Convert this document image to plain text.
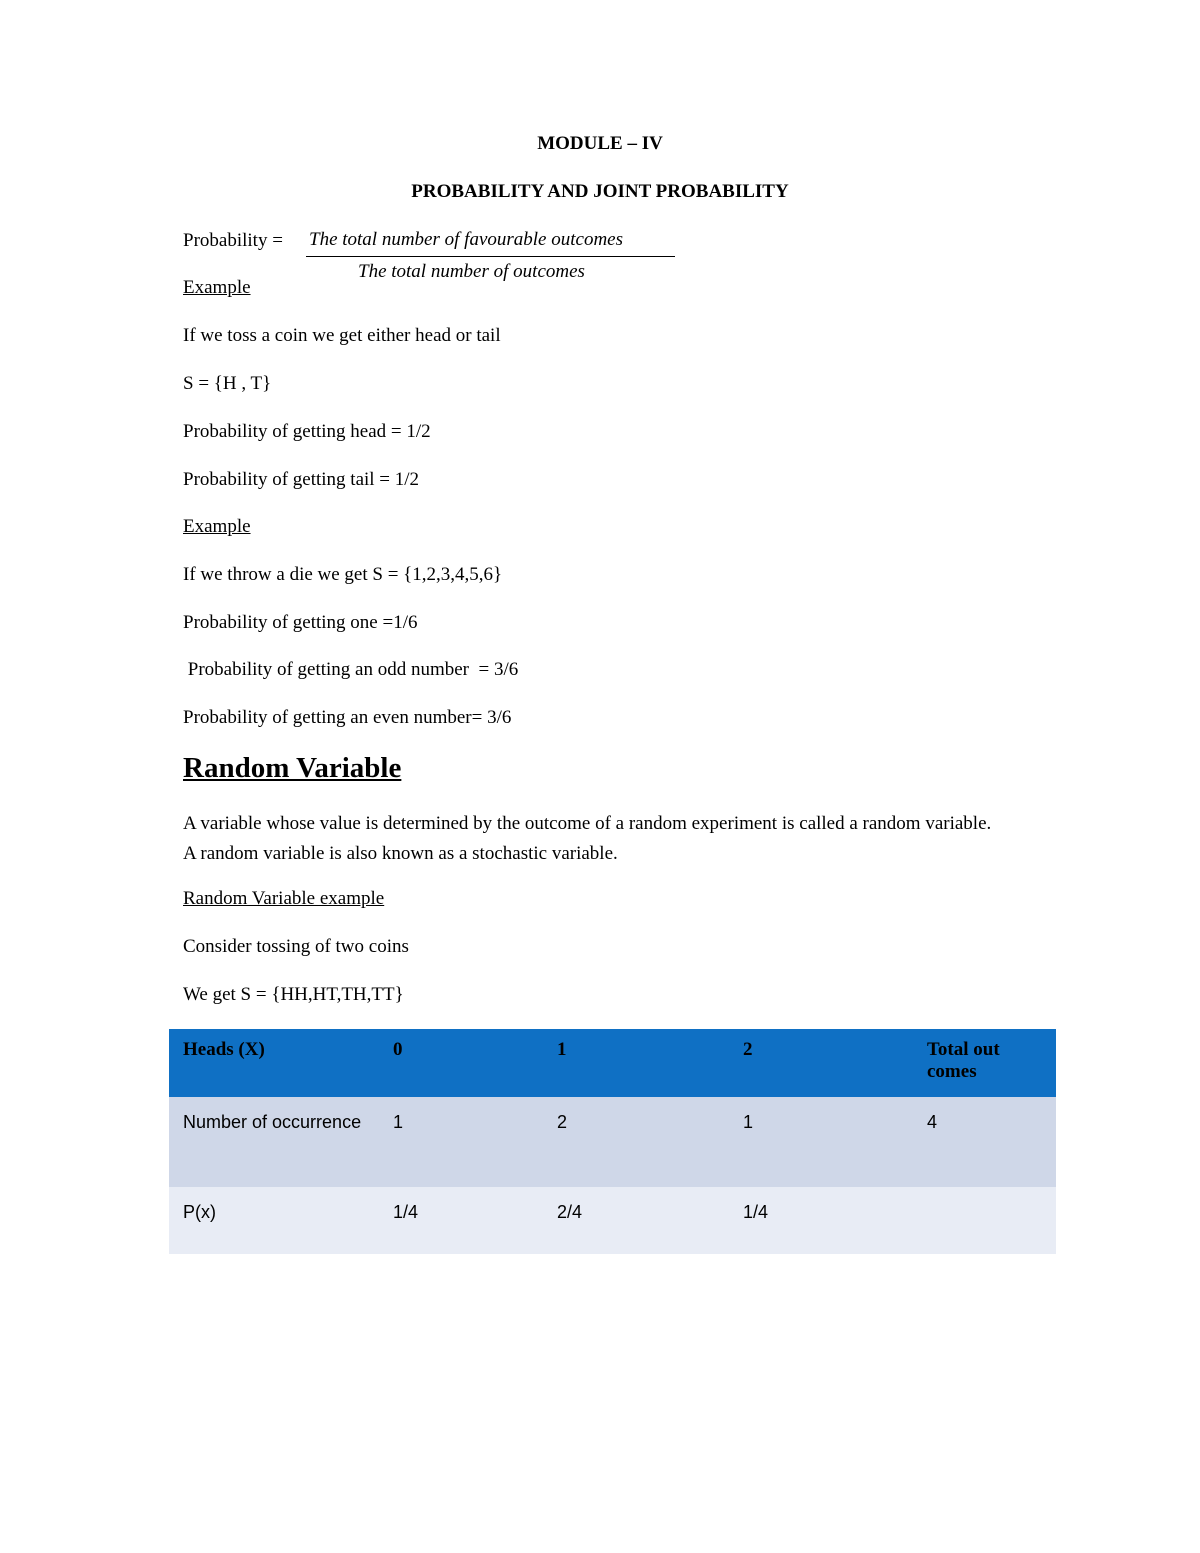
MODULE – IV
PROBABILITY AND JOINT PROBABILITY
Probability = The total number of favourable outcomes
The total number of outcomes
Example
If we toss a coin we get either head or tail
S = {H , T}
Probability of getting head = 1/2
Probability of getting tail = 1/2
Example
If we throw a die we get S = {1,2,3,4,5,6}
Probability of getting one =1/6
Probability of getting an odd number  = 3/6
Probability of getting an even number= 3/6
Random Variable
A variable whose value is determined by the outcome of a random experiment is called a random variable. A random variable is also known as a stochastic variable.
Random Variable example
Consider tossing of two coins
We get S = {HH,HT,TH,TT}
Heads (X)	0	1	2	Total out comes
Number of occurrence	1	2	1	4
P(x)	1/4	2/4	1/4	
